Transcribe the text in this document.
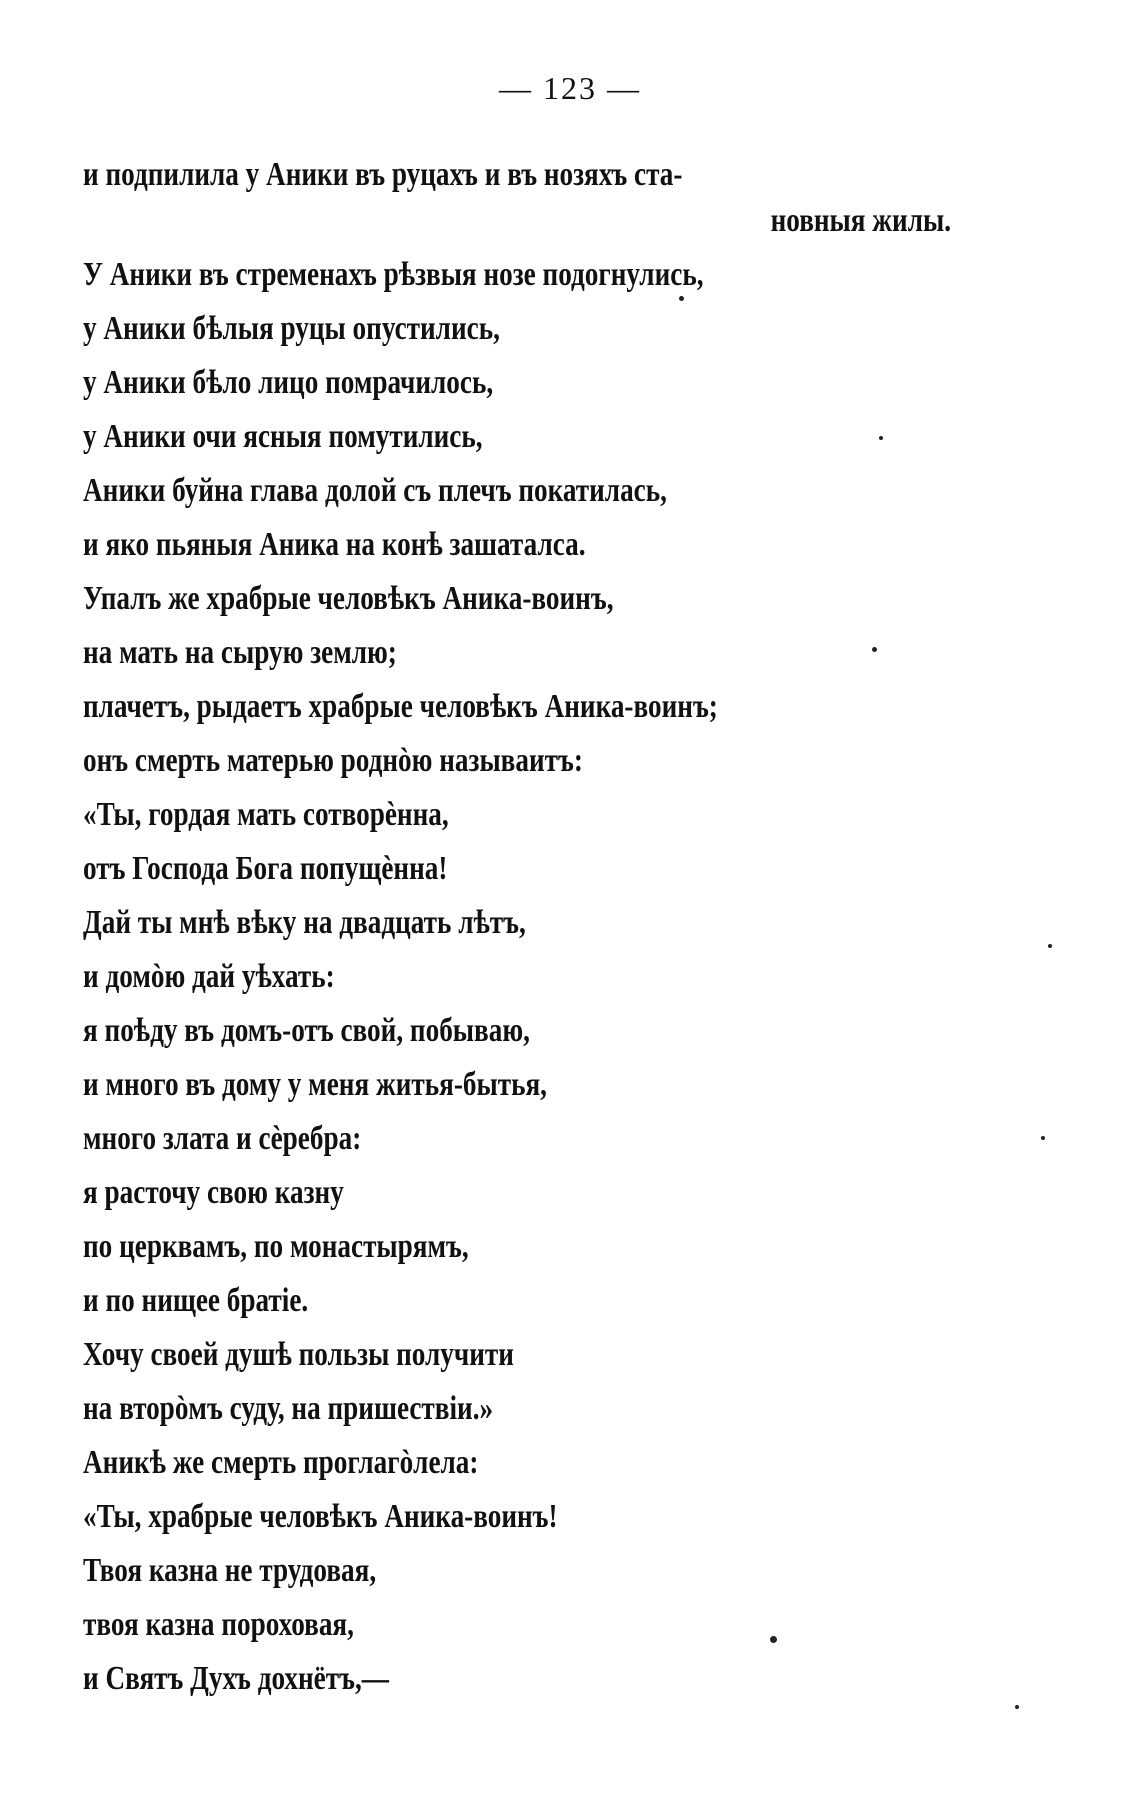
— 123 —
и подпилила у Аники въ руцахъ и въ нозяхъ ста-
новныя жилы.
У Аники въ стременахъ рѣзвыя нозе подогнулись,
у Аники бѣлыя руцы опустились,
у Аники бѣло лицо помрачилось,
у Аники очи ясныя помутились,
Аники буйна глава долой съ плечъ покатилась,
и яко пьяныя Аника на конѣ зашаталса.
Упалъ же храбрые человѣкъ Аника-воинъ,
на мать на сырую землю;
плачетъ, рыдаетъ храбрые человѣкъ Аника-воинъ;
онъ смерть матерью роднòю называитъ:
«Ты, гордая мать сотворѐнна,
отъ Господа Бога попущѐнна!
Дай ты мнѣ вѣку на двадцать лѣтъ,
и домòю дай уѣхать:
я поѣду въ домъ-отъ свой, побываю,
и много въ дому у меня житья-бытья,
много злата и сѐребра:
я расточу свою казну
по церквамъ, по монастырямъ,
и по нищее братіе.
Хочу своей душѣ пользы получити
на вторòмъ суду, на пришествіи.»
Аникѣ же смерть проглагòлела:
«Ты, храбрые человѣкъ Аника-воинъ!
Твоя казна не трудовая,
твоя казна пороховая,
и Святъ Духъ дохнётъ,—
